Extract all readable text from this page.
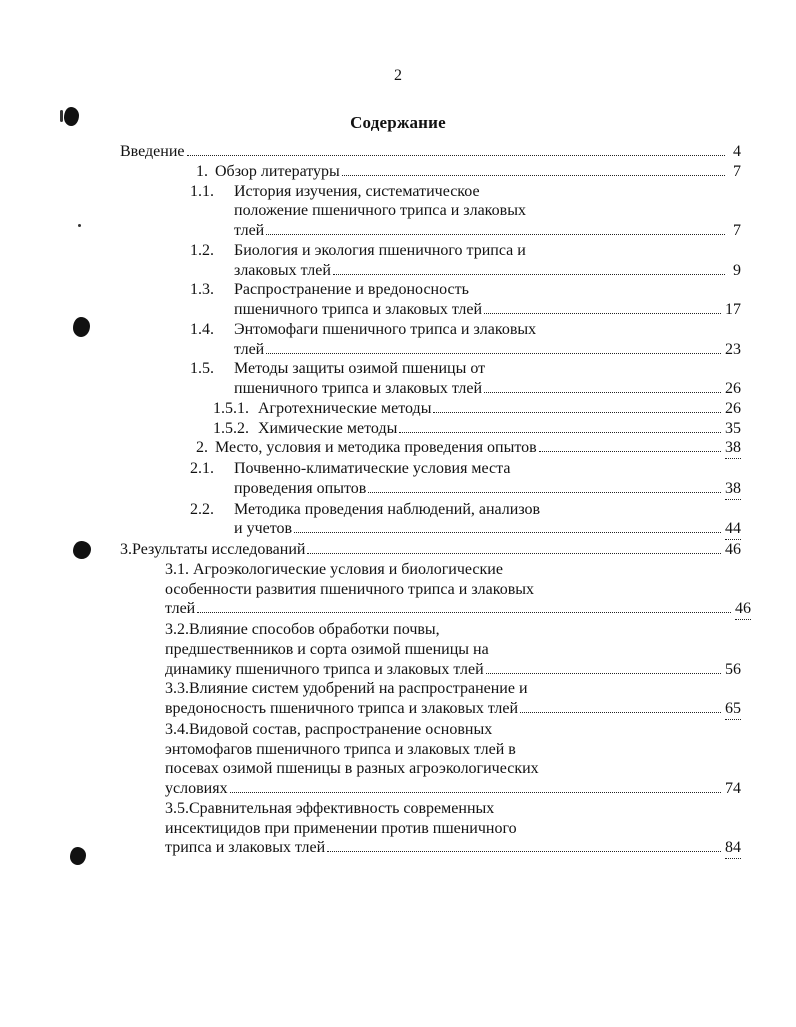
2
Содержание
Введение	4
1. Обзор литературы	7
1.1. История изучения, систематическое
положение пшеничного трипса и злаковых
тлей	7
1.2. Биология и экология пшеничного трипса и
злаковых тлей	9
1.3. Распространение и вредоносность
пшеничного трипса и злаковых тлей	17
1.4. Энтомофаги пшеничного трипса и злаковых
тлей	23
1.5. Методы защиты озимой пшеницы от
пшеничного трипса и злаковых тлей	26
1.5.1. Агротехнические методы	26
1.5.2. Химические методы	35
2. Место, условия и методика проведения опытов	38
2.1. Почвенно-климатические условия места
проведения опытов	38
2.2. Методика проведения наблюдений, анализов
и учетов	44
3.Результаты исследований	46
3.1. Агроэкологические условия и биологические
особенности развития пшеничного трипса и злаковых
тлей	46
3.2.Влияние способов обработки почвы,
предшественников и сорта озимой пшеницы на
динамику пшеничного трипса и злаковых тлей	56
3.3.Влияние систем удобрений на распространение и
вредоносность пшеничного трипса и злаковых тлей	65
3.4.Видовой состав, распространение основных
энтомофагов пшеничного трипса и злаковых тлей в
посевах озимой пшеницы в разных агроэкологических
условиях	74
3.5.Сравнительная эффективность современных
инсектицидов при применении против пшеничного
трипса и злаковых тлей	84
